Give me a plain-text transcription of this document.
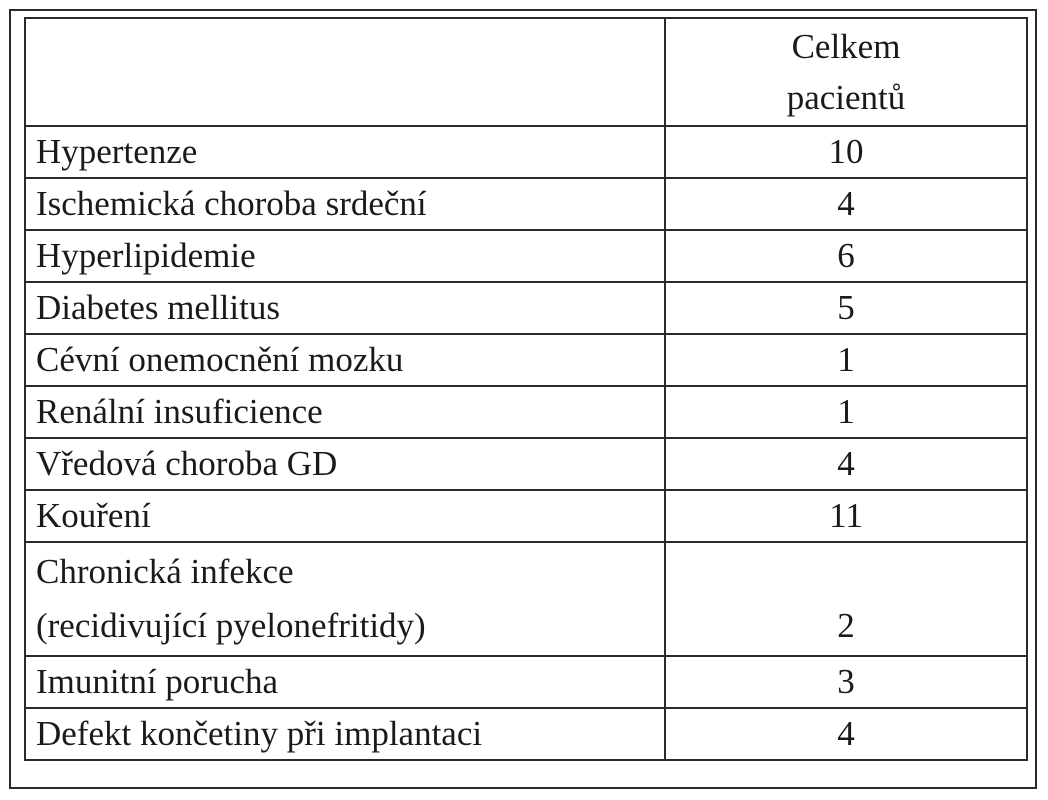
	Celkem
pacientů

Hypertenze	10
Ischemická choroba srdeční	4
Hyperlipidemie	6
Diabetes mellitus	5
Cévní onemocnění mozku	1
Renální insuficience	1
Vředová choroba GD	4
Kouření	11

Chronická infekce
(recidivující pyelonefritidy)	2
Imunitní porucha	3
Defekt končetiny při implantaci	4
